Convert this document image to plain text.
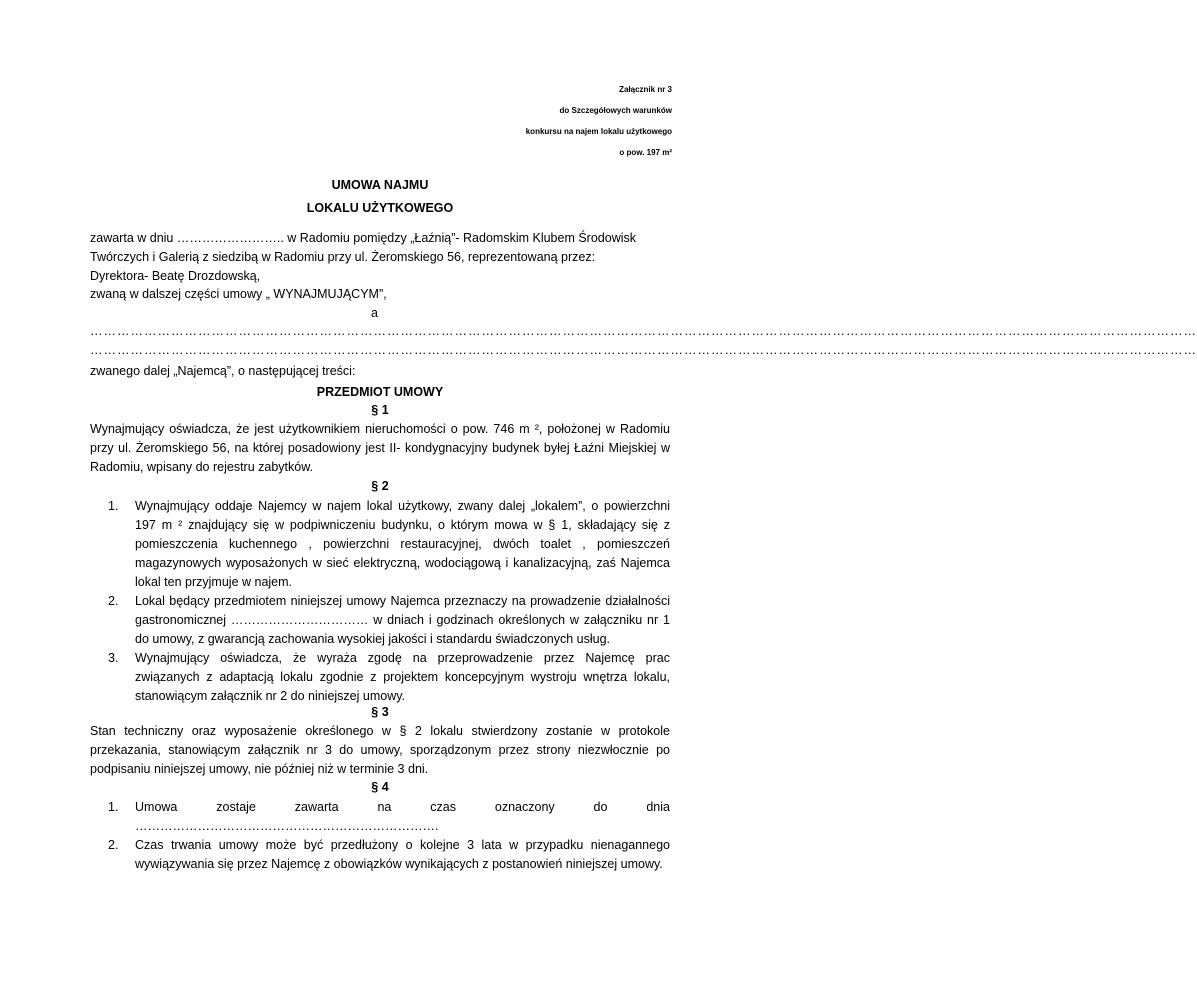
Załącznik nr 3
do Szczegółowych warunków
konkursu na najem lokalu użytkowego
o pow. 197 m²
UMOWA NAJMU
LOKALU UŻYTKOWEGO
zawarta w dniu …………………….. w Radomiu pomiędzy „Łaźnią”- Radomskim Klubem Środowisk Twórczych i Galerią z siedzibą w Radomiu przy ul. Żeromskiego 56, reprezentowaną przez: Dyrektora- Beatę Drozdowską,
zwaną w dalszej części umowy „ WYNAJMUJĄCYM”,
a
…………………………………………………………………………………………………………………………………………………………………………………………………………………………
…………………………………………………………………………………………………………………………………………………………………………………………………………………………
zwanego dalej „Najemcą”, o następującej treści:
PRZEDMIOT UMOWY
§ 1
Wynajmujący oświadcza, że jest użytkownikiem nieruchomości o pow. 746 m ², położonej w Radomiu przy ul. Żeromskiego 56, na której posadowiony jest II- kondygnacyjny budynek byłej Łaźni Miejskiej w Radomiu, wpisany do rejestru zabytków.
§ 2
1. Wynajmujący oddaje Najemcy w najem lokal użytkowy, zwany dalej „lokalem”, o powierzchni 197 m ² znajdujący się w podpiwniczeniu budynku, o którym mowa w § 1, składający się z pomieszczenia kuchennego , powierzchni restauracyjnej, dwóch toalet , pomieszczeń magazynowych wyposażonych w sieć elektryczną, wodociągową i kanalizacyjną, zaś Najemca lokal ten przyjmuje w najem.
2. Lokal będący przedmiotem niniejszej umowy Najemca przeznaczy na prowadzenie działalności gastronomicznej …………………………… w dniach i godzinach określonych w załączniku nr 1 do umowy, z gwarancją zachowania wysokiej jakości i standardu świadczonych usług.
3. Wynajmujący oświadcza, że wyraża zgodę na przeprowadzenie przez Najemcę prac związanych z adaptacją lokalu zgodnie z projektem koncepcyjnym wystroju wnętrza lokalu, stanowiącym załącznik nr 2 do niniejszej umowy.
§ 3
Stan techniczny oraz wyposażenie określonego w § 2 lokalu stwierdzony zostanie w protokole przekazania, stanowiącym załącznik nr 3 do umowy, sporządzonym przez strony niezwłocznie po podpisaniu niniejszej umowy, nie później niż w terminie 3 dni.
§ 4
1. Umowa zostaje zawarta na czas oznaczony do dnia ……………………………………………………………….
2. Czas trwania umowy może być przedłużony o kolejne 3 lata w przypadku nienagannego wywiązywania się przez Najemcę z obowiązków wynikających z postanowień niniejszej umowy.
